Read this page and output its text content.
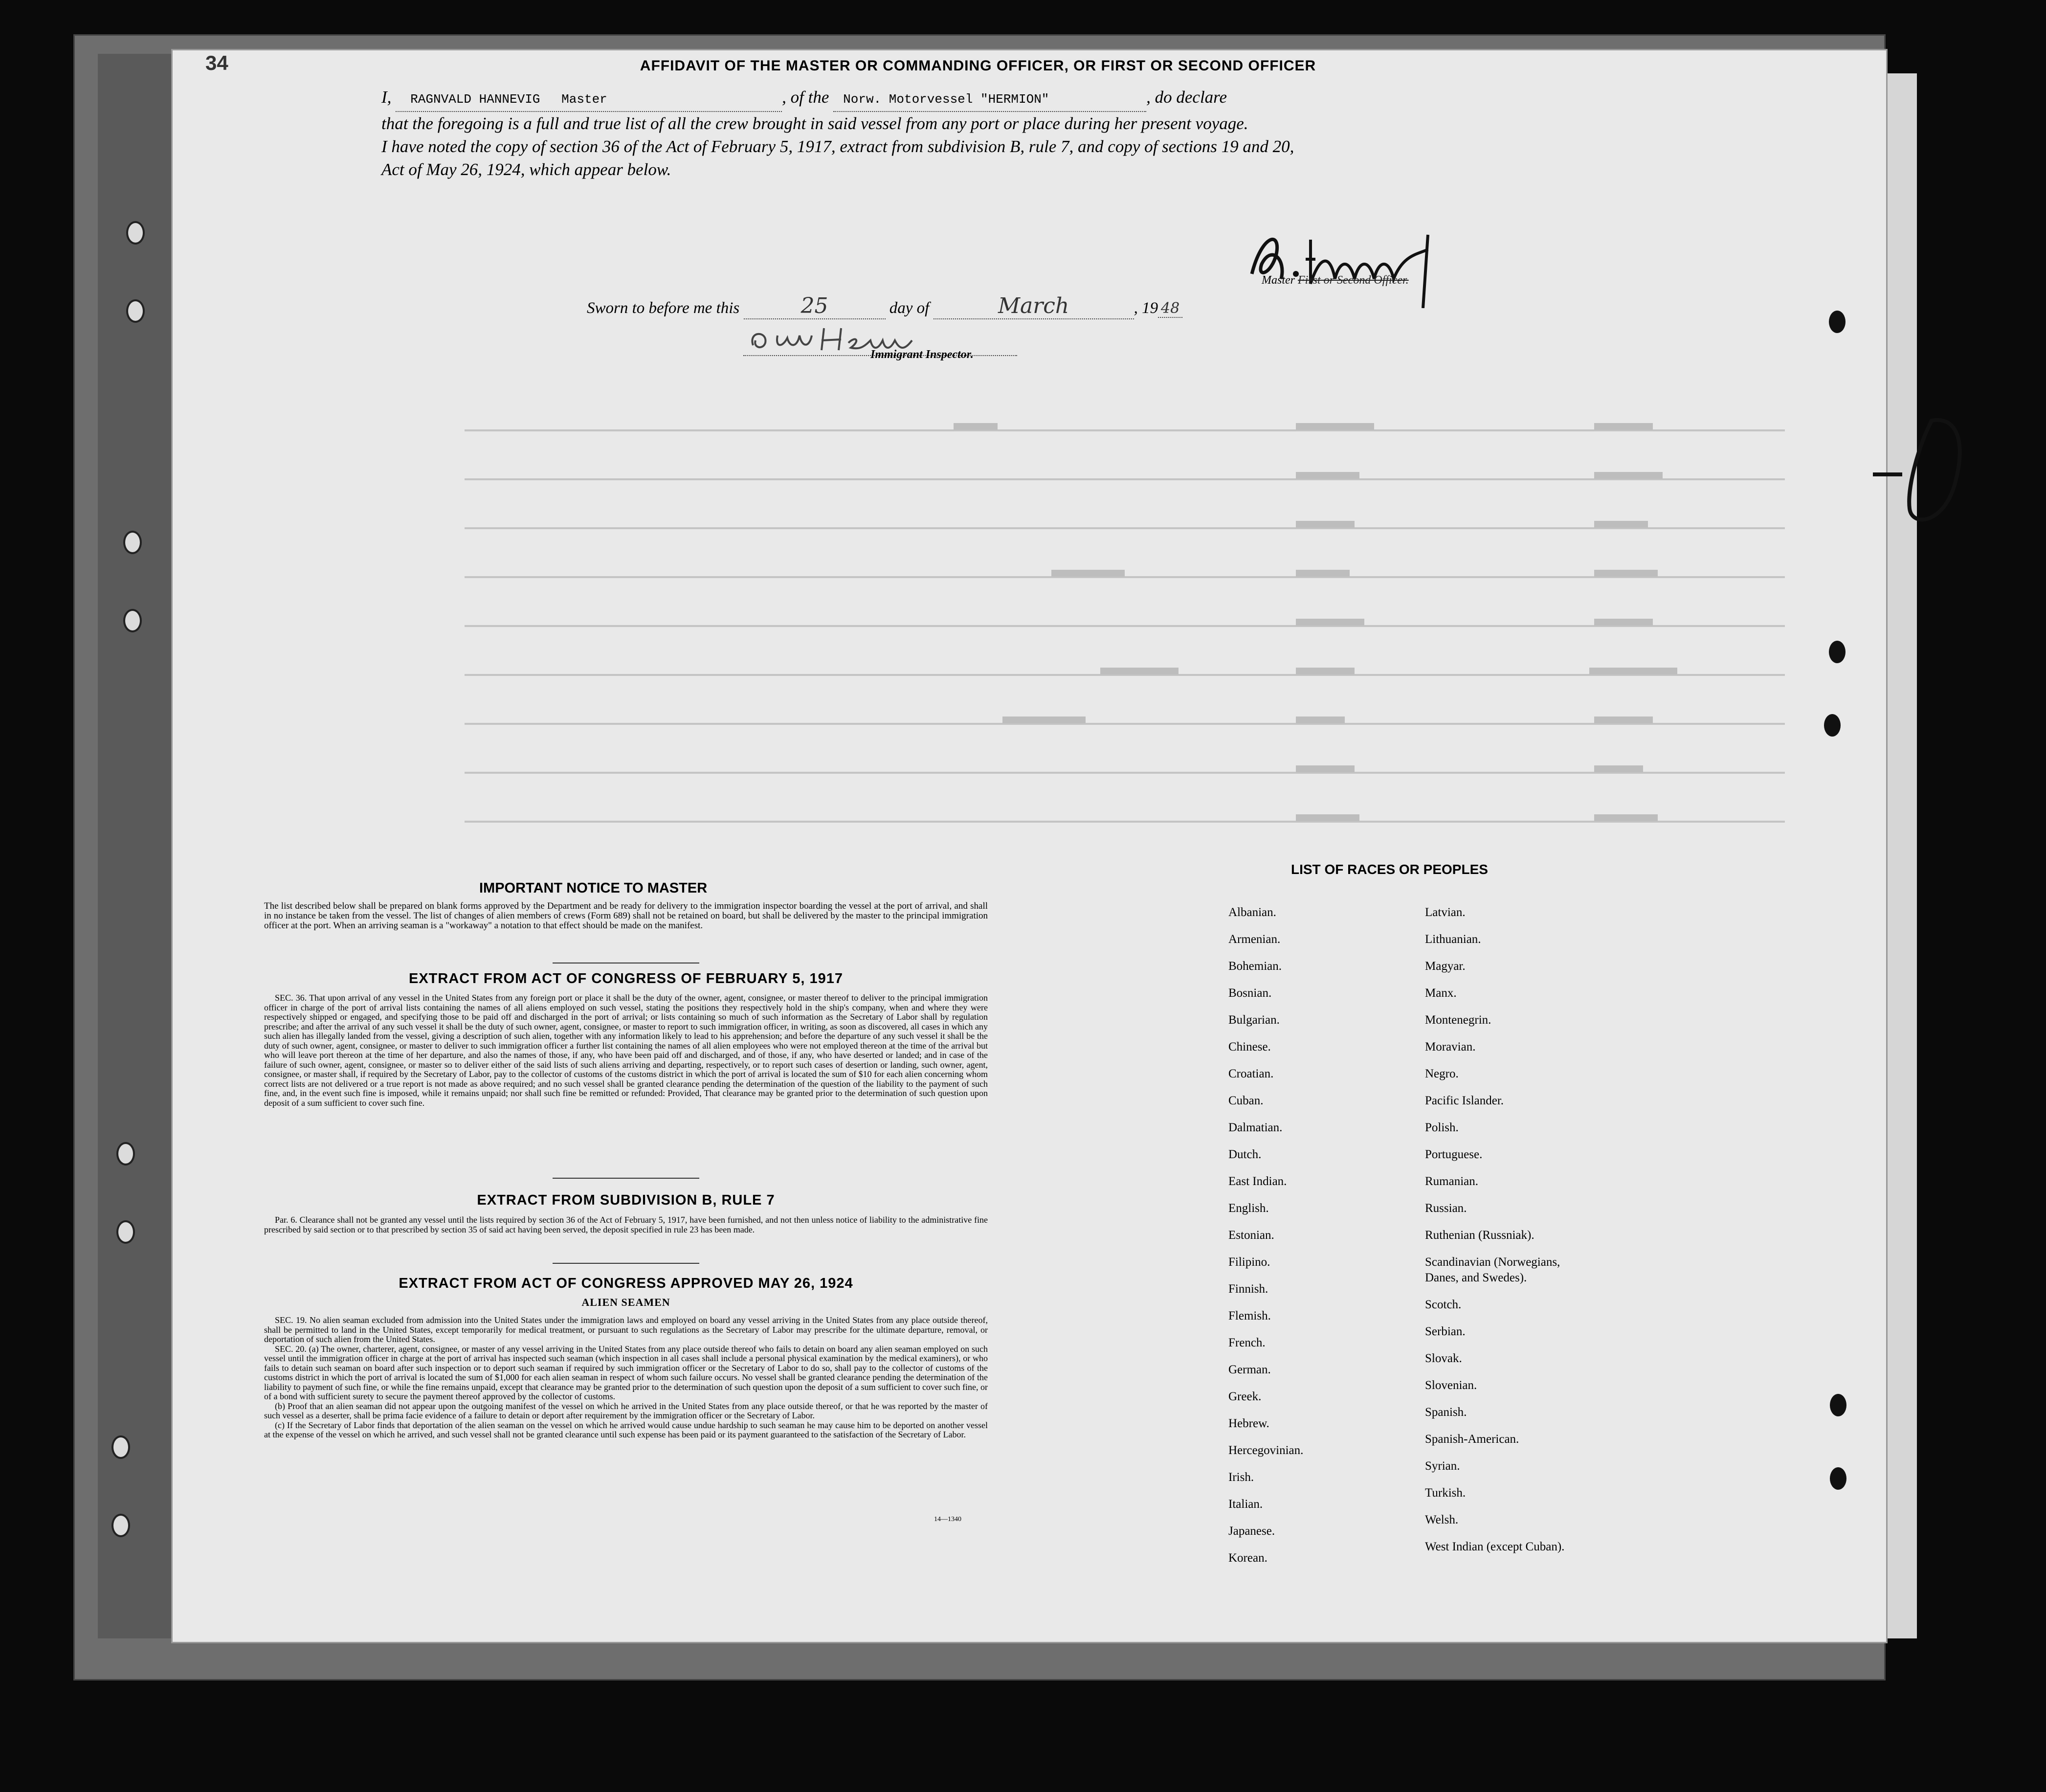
34	AFFIDAVIT OF THE MASTER OR COMMANDING OFFICER, OR FIRST OR SECOND OFFICER
I, RAGNVALD HANNEVIG Master	, of the Norw. Motorvessel "HERMION"	, do declare
that the foregoing is a full and true list of all the crew brought in said vessel from any port or place during her present voyage.
I have noted the copy of section 36 of the Act of February 5, 1917, extract from subdivision B, rule 7, and copy of sections 19 and 20,
Act of May 26, 1924, which appear below.
Master First or Second Officer.
Sworn to before me this	25	day of	March	, 19 48
Immigrant Inspector.
IMPORTANT NOTICE TO MASTER
The list described below shall be prepared on blank forms approved by the Department and be ready for delivery to the immigration inspector boarding the vessel at the port of arrival, and shall in no instance be taken from the vessel. The list of changes of alien members of crews (Form 689) shall not be retained on board, but shall be delivered by the master to the principal immigration officer at the port. When an arriving seaman is a "workaway" a notation to that effect should be made on the manifest.
EXTRACT FROM ACT OF CONGRESS OF FEBRUARY 5, 1917

SEC. 36. That upon arrival of any vessel in the United States from any foreign port or place it shall be the duty of the owner, agent, consignee, or master thereof to deliver to the principal immigration officer in charge of the port of arrival lists containing the names of all aliens employed on such vessel, stating the positions they respectively hold in the ship's company, when and where they were respectively shipped or engaged, and specifying those to be paid off and discharged in the port of arrival; or lists containing so much of such information as the Secretary of Labor shall by regulation prescribe; and after the arrival of any such vessel it shall be the duty of such owner, agent, consignee, or master to report to such immigration officer, in writing, as soon as discovered, all cases in which any such alien has illegally landed from the vessel, giving a description of such alien, together with any information likely to lead to his apprehension; and before the departure of any such vessel it shall be the duty of such owner, agent, consignee, or master to deliver to such immigration officer a further list containing the names of all alien employees who were not employed thereon at the time of the arrival but who will leave port thereon at the time of her departure, and also the names of those, if any, who have been paid off and discharged, and of those, if any, who have deserted or landed; and in case of the failure of such owner, agent, consignee, or master so to deliver either of the said lists of such aliens arriving and departing, respectively, or to report such cases of desertion or landing, such owner, agent, consignee, or master shall, if required by the Secretary of Labor, pay to the collector of customs of the customs district in which the port of arrival is located the sum of $10 for each alien concerning whom correct lists are not delivered or a true report is not made as above required; and no such vessel shall be granted clearance pending the determination of the question of the liability to the payment of such fine, and, in the event such fine is imposed, while it remains unpaid; nor shall such fine be remitted or refunded: Provided, That clearance may be granted prior to the determination of such question upon deposit of a sum sufficient to cover such fine.

EXTRACT FROM SUBDIVISION B, RULE 7

Par. 6. Clearance shall not be granted any vessel until the lists required by section 36 of the Act of February 5, 1917, have been furnished, and not then unless notice of liability to the administrative fine prescribed by said section or to that prescribed by section 35 of said act having been served, the deposit specified in rule 23 has been made.

EXTRACT FROM ACT OF CONGRESS APPROVED MAY 26, 1924
ALIEN SEAMEN

SEC. 19. No alien seaman excluded from admission into the United States under the immigration laws and employed on board any vessel arriving in the United States from any place outside thereof, shall be permitted to land in the United States, except temporarily for medical treatment, or pursuant to such regulations as the Secretary of Labor may prescribe for the ultimate departure, removal, or deportation of such alien from the United States.

SEC. 20. (a) The owner, charterer, agent, consignee, or master of any vessel arriving in the United States from any place outside thereof who fails to detain on board any alien seaman employed on such vessel until the immigration officer in charge at the port of arrival has inspected such seaman (which inspection in all cases shall include a personal physical examination by the medical examiners), or who fails to detain such seaman on board after such inspection or to deport such seaman if required by such immigration officer or the Secretary of Labor to do so, shall pay to the collector of customs of the customs district in which the port of arrival is located the sum of $1,000 for each alien seaman in respect of whom such failure occurs. No vessel shall be granted clearance pending the determination of the liability to payment of such fine, or while the fine remains unpaid, except that clearance may be granted prior to the determination of such question upon the deposit of a sum sufficient to cover such fine, or of a bond with sufficient surety to secure the payment thereof approved by the collector of customs.

(b) Proof that an alien seaman did not appear upon the outgoing manifest of the vessel on which he arrived in the United States from any place outside thereof, or that he was reported by the master of such vessel as a deserter, shall be prima facie evidence of a failure to detain or deport after requirement by the immigration officer or the Secretary of Labor.

(c) If the Secretary of Labor finds that deportation of the alien seaman on the vessel on which he arrived would cause undue hardship to such seaman he may cause him to be deported on another vessel at the expense of the vessel on which he arrived, and such vessel shall not be granted clearance until such expense has been paid or its payment guaranteed to the satisfaction of the Secretary of Labor.

14—1340
LIST OF RACES OR PEOPLES
Albanian.
Armenian.
Bohemian.
Bosnian.
Bulgarian.
Chinese.
Croatian.
Cuban.
Dalmatian.
Dutch.
East Indian.
English.
Estonian.
Filipino.
Finnish.
Flemish.
French.
German.
Greek.
Hebrew.
Hercegovinian.
Irish.
Italian.
Japanese.
Korean.
Latvian.
Lithuanian.
Magyar.
Manx.
Montenegrin.
Moravian.
Negro.
Pacific Islander.
Polish.
Portuguese.
Rumanian.
Russian.
Ruthenian (Russniak).
Scandinavian (Norwegians,
Danes, and Swedes).
Scotch.
Serbian.
Slovak.
Slovenian.
Spanish.
Spanish-American.
Syrian.
Turkish.
Welsh.
West Indian (except Cuban).
